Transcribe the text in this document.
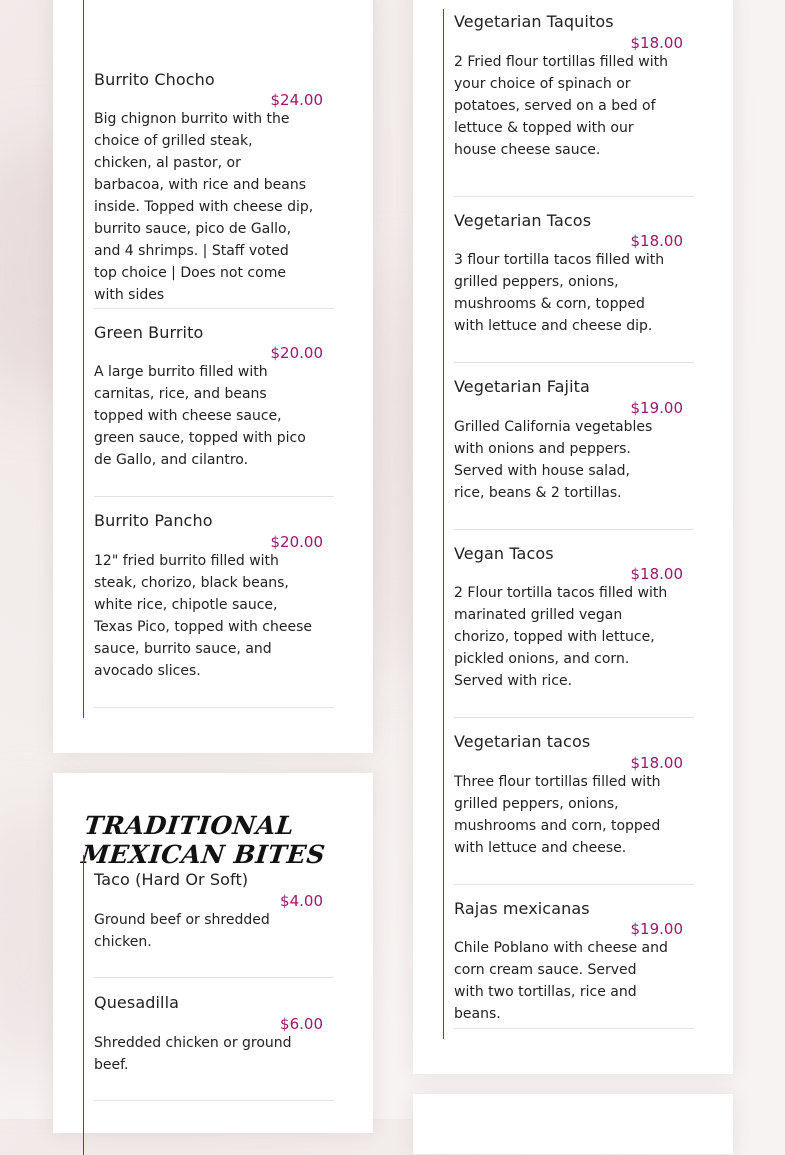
Burrito Chocho
$24.00
Big chignon burrito with the choice of grilled steak, chicken, al pastor, or barbacoa, with rice and beans inside. Topped with cheese dip, burrito sauce, pico de Gallo, and 4 shrimps. | Staff voted top choice | Does not come with sides
Green Burrito
$20.00
A large burrito filled with carnitas, rice, and beans topped with cheese sauce, green sauce, topped with pico de Gallo, and cilantro.
Burrito Pancho
$20.00
12" fried burrito filled with steak, chorizo, black beans, white rice, chipotle sauce, Texas Pico, topped with cheese sauce, burrito sauce, and avocado slices.
TRADITIONAL MEXICAN BITES
Taco (Hard Or Soft)
$4.00
Ground beef or shredded chicken.
Quesadilla
$6.00
Shredded chicken or ground beef.
Vegetarian Taquitos
$18.00
2 Fried flour tortillas filled with your choice of spinach or potatoes, served on a bed of lettuce & topped with our house cheese sauce.
Vegetarian Tacos
$18.00
3 flour tortilla tacos filled with grilled peppers, onions, mushrooms & corn, topped with lettuce and cheese dip.
Vegetarian Fajita
$19.00
Grilled California vegetables with onions and peppers. Served with house salad, rice, beans & 2 tortillas.
Vegan Tacos
$18.00
2 Flour tortilla tacos filled with marinated grilled vegan chorizo, topped with lettuce, pickled onions, and corn. Served with rice.
Vegetarian tacos
$18.00
Three flour tortillas filled with grilled peppers, onions, mushrooms and corn, topped with lettuce and cheese.
Rajas mexicanas
$19.00
Chile Poblano with cheese and corn cream sauce. Served with two tortillas, rice and beans.
